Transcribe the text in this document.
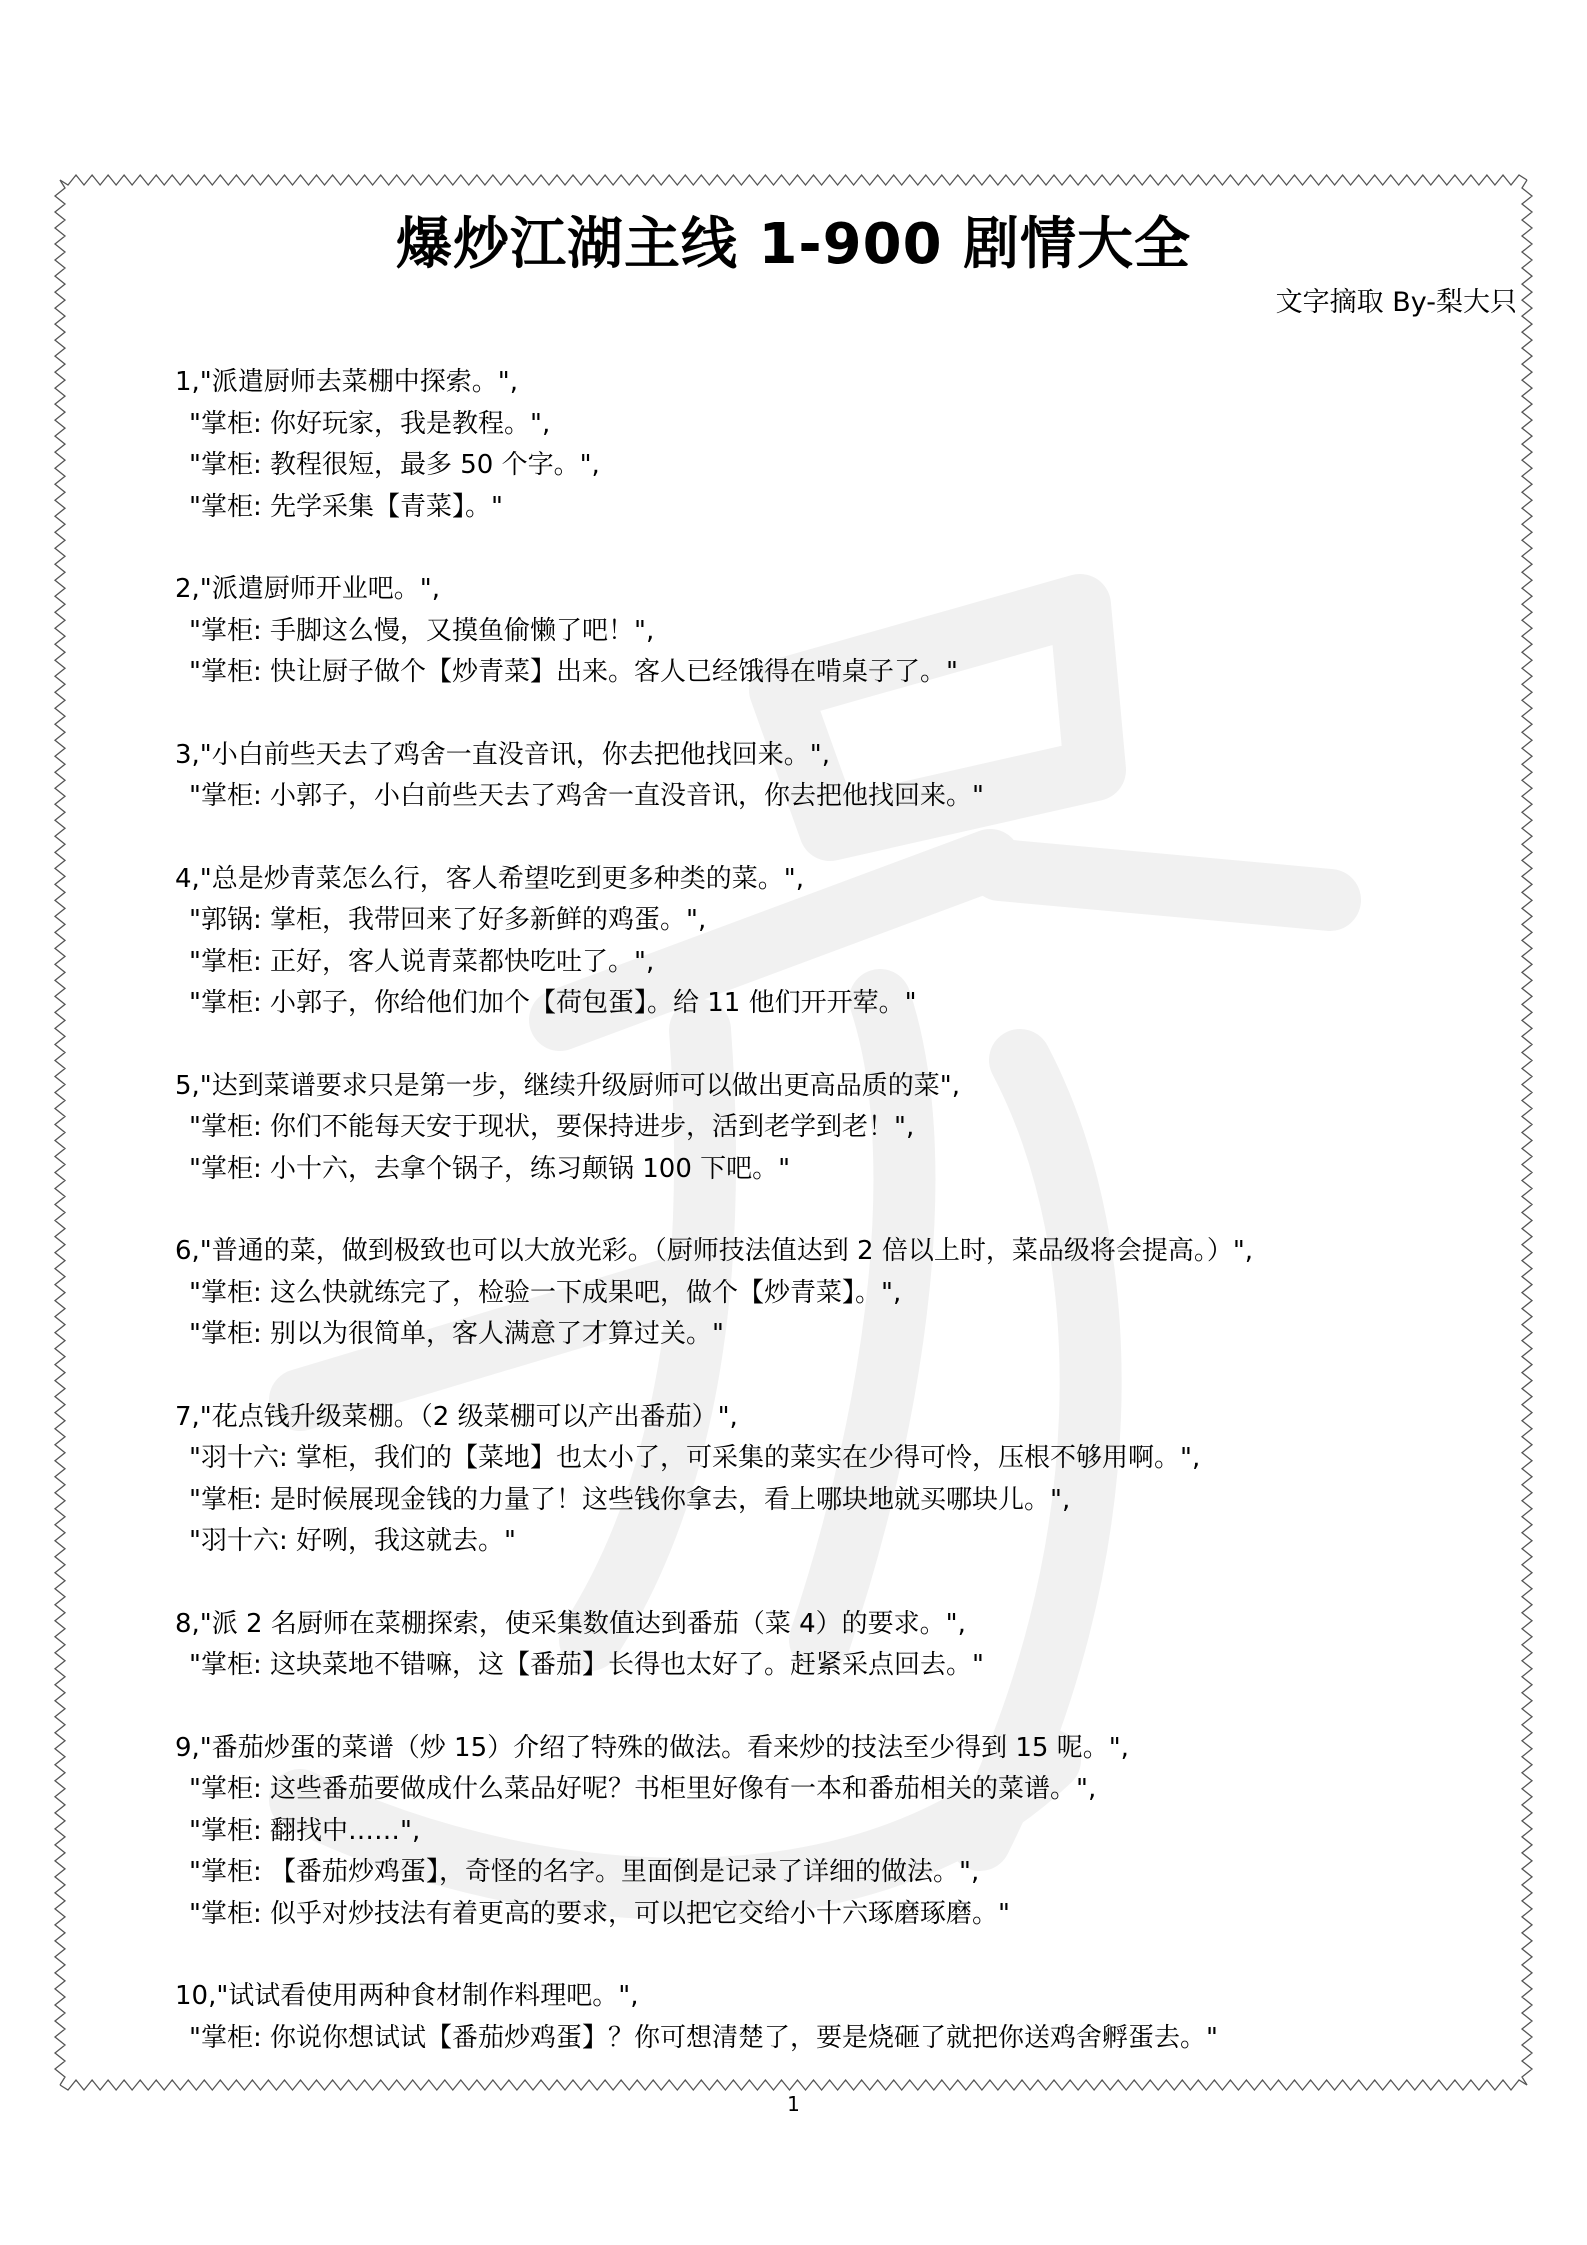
爆炒江湖主线 1-900 剧情大全

文字摘取 By-梨大只

1,"派遣厨师去菜棚中探索。",
"掌柜: 你好玩家，我是教程。",
"掌柜: 教程很短，最多 50 个字。",
"掌柜: 先学采集【青菜】。"
2,"派遣厨师开业吧。",
"掌柜: 手脚这么慢，又摸鱼偷懒了吧！",
"掌柜: 快让厨子做个【炒青菜】出来。客人已经饿得在啃桌子了。"
3,"小白前些天去了鸡舍一直没音讯，你去把他找回来。",
"掌柜: 小郭子，小白前些天去了鸡舍一直没音讯，你去把他找回来。"
4,"总是炒青菜怎么行，客人希望吃到更多种类的菜。",
"郭锅: 掌柜，我带回来了好多新鲜的鸡蛋。",
"掌柜: 正好，客人说青菜都快吃吐了。",
"掌柜: 小郭子，你给他们加个【荷包蛋】。给 11 他们开开荤。"
5,"达到菜谱要求只是第一步，继续升级厨师可以做出更高品质的菜",
"掌柜: 你们不能每天安于现状，要保持进步，活到老学到老！",
"掌柜: 小十六，去拿个锅子，练习颠锅 100 下吧。"
6,"普通的菜，做到极致也可以大放光彩。（厨师技法值达到 2 倍以上时，菜品级将会提高。）",
"掌柜: 这么快就练完了，检验一下成果吧，做个【炒青菜】。",
"掌柜: 别以为很简单，客人满意了才算过关。"
7,"花点钱升级菜棚。（2 级菜棚可以产出番茄）",
"羽十六: 掌柜，我们的【菜地】也太小了，可采集的菜实在少得可怜，压根不够用啊。",
"掌柜: 是时候展现金钱的力量了！这些钱你拿去，看上哪块地就买哪块儿。",
"羽十六: 好咧，我这就去。"
8,"派 2 名厨师在菜棚探索，使采集数值达到番茄（菜 4）的要求。",
"掌柜: 这块菜地不错嘛，这【番茄】长得也太好了。赶紧采点回去。"
9,"番茄炒蛋的菜谱（炒 15）介绍了特殊的做法。看来炒的技法至少得到 15 呢。",
"掌柜: 这些番茄要做成什么菜品好呢？书柜里好像有一本和番茄相关的菜谱。",
"掌柜: 翻找中……",
"掌柜: 【番茄炒鸡蛋】，奇怪的名字。里面倒是记录了详细的做法。",
"掌柜: 似乎对炒技法有着更高的要求，可以把它交给小十六琢磨琢磨。"
10,"试试看使用两种食材制作料理吧。",
"掌柜: 你说你想试试【番茄炒鸡蛋】？你可想清楚了，要是烧砸了就把你送鸡舍孵蛋去。"
1
